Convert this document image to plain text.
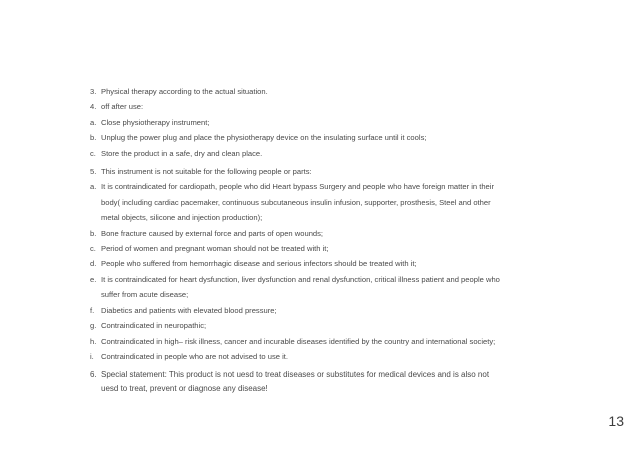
3. Physical therapy according to the actual situation.
4. off after use:
a. Close physiotherapy instrument;
b. Unplug the power plug and place the physiotherapy device on the insulating surface until it cools;
c. Store the product in a safe, dry and clean place.
5. This instrument is not suitable for the following people or parts:
a. It is contraindicated for cardiopath, people who did Heart bypass Surgery and people who have foreign matter in their
body( including cardiac pacemaker, continuous subcutaneous insulin infusion, supporter, prosthesis, Steel and other
metal objects, silicone and injection production);
b. Bone fracture caused by external force and parts of open wounds;
c. Period of women and pregnant woman should not be treated with it;
d. People who suffered from hemorrhagic disease and serious infectors should be treated with it;
e. It is contraindicated for heart dysfunction, liver dysfunction and renal dysfunction, critical illness patient and people who
suffer from acute disease;
f. Diabetics and patients with elevated blood pressure;
g. Contraindicated in neuropathic;
h. Contraindicated in high– risk illness, cancer and incurable diseases identified by the country and international society;
i. Contraindicated in people who are not advised to use it.
6. Special statement: This product is not uesd to treat diseases or substitutes for medical devices and is also not
uesd to treat, prevent or diagnose any disease!
13
